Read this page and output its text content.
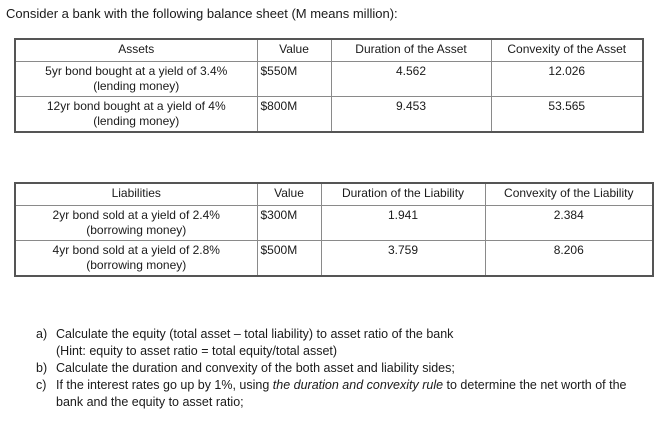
Consider a bank with the following balance sheet (M means million):
Assets	Value	Duration of the Asset	Convexity of the Asset

5yr bond bought at a yield of 3.4%
(lending money)	$550M	4.562	12.026

12yr bond bought at a yield of 4%
(lending money)	$800M	9.453	53.565
Liabilities	Value	Duration of the Liability	Convexity of the Liability

2yr bond sold at a yield of 2.4%
(borrowing money)	$300M	1.941	2.384

4yr bond sold at a yield of 2.8%
(borrowing money)	$500M	3.759	8.206
a) Calculate the equity (total asset – total liability) to asset ratio of the bank
(Hint: equity to asset ratio = total equity/total asset)
b) Calculate the duration and convexity of the both asset and liability sides;
c) If the interest rates go up by 1%, using the duration and convexity rule to determine the net worth of the bank and the equity to asset ratio;
